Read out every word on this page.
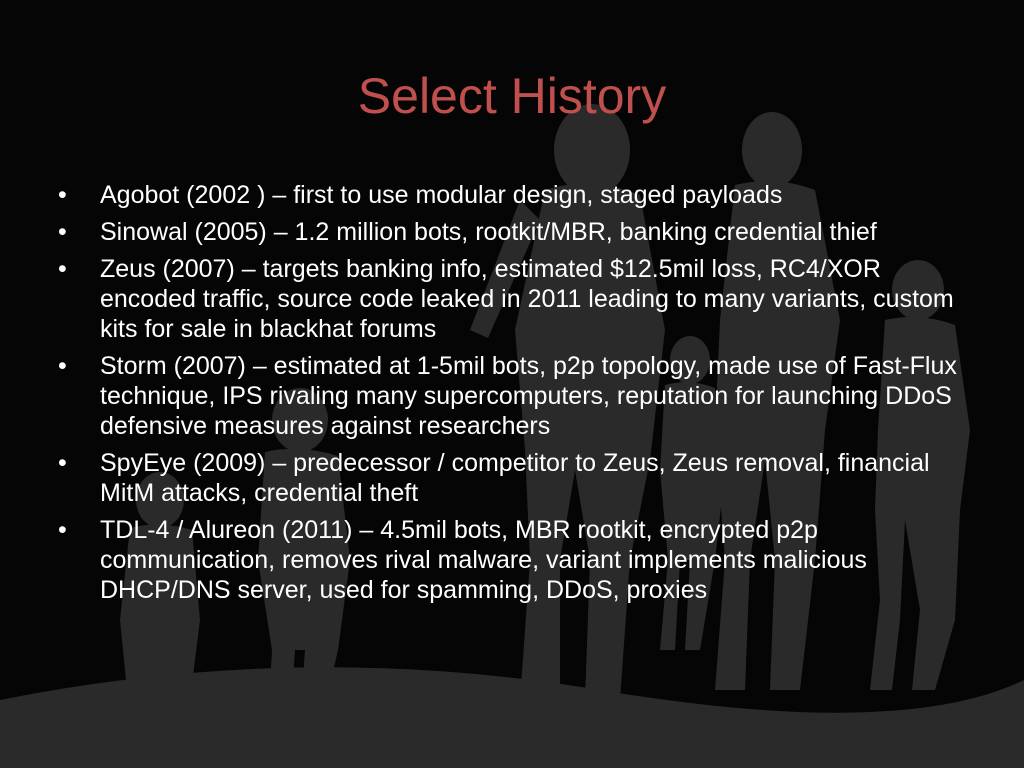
Select History
•	Agobot (2002 ) – first to use modular design, staged payloads
•	Sinowal (2005) – 1.2 million bots, rootkit/MBR, banking credential thief
•	Zeus (2007) – targets banking info, estimated $12.5mil loss, RC4/XOR encoded traffic, source code leaked in 2011 leading to many variants, custom kits for sale in blackhat forums
•	Storm (2007) – estimated at 1-5mil bots, p2p topology, made use of Fast-Flux technique, IPS rivaling many supercomputers, reputation for launching DDoS defensive measures against researchers
•	SpyEye (2009) – predecessor / competitor to Zeus, Zeus removal, financial MitM attacks, credential theft
•	TDL-4 / Alureon (2011) – 4.5mil bots, MBR rootkit, encrypted p2p communication, removes rival malware, variant implements malicious DHCP/DNS server, used for spamming, DDoS, proxies
